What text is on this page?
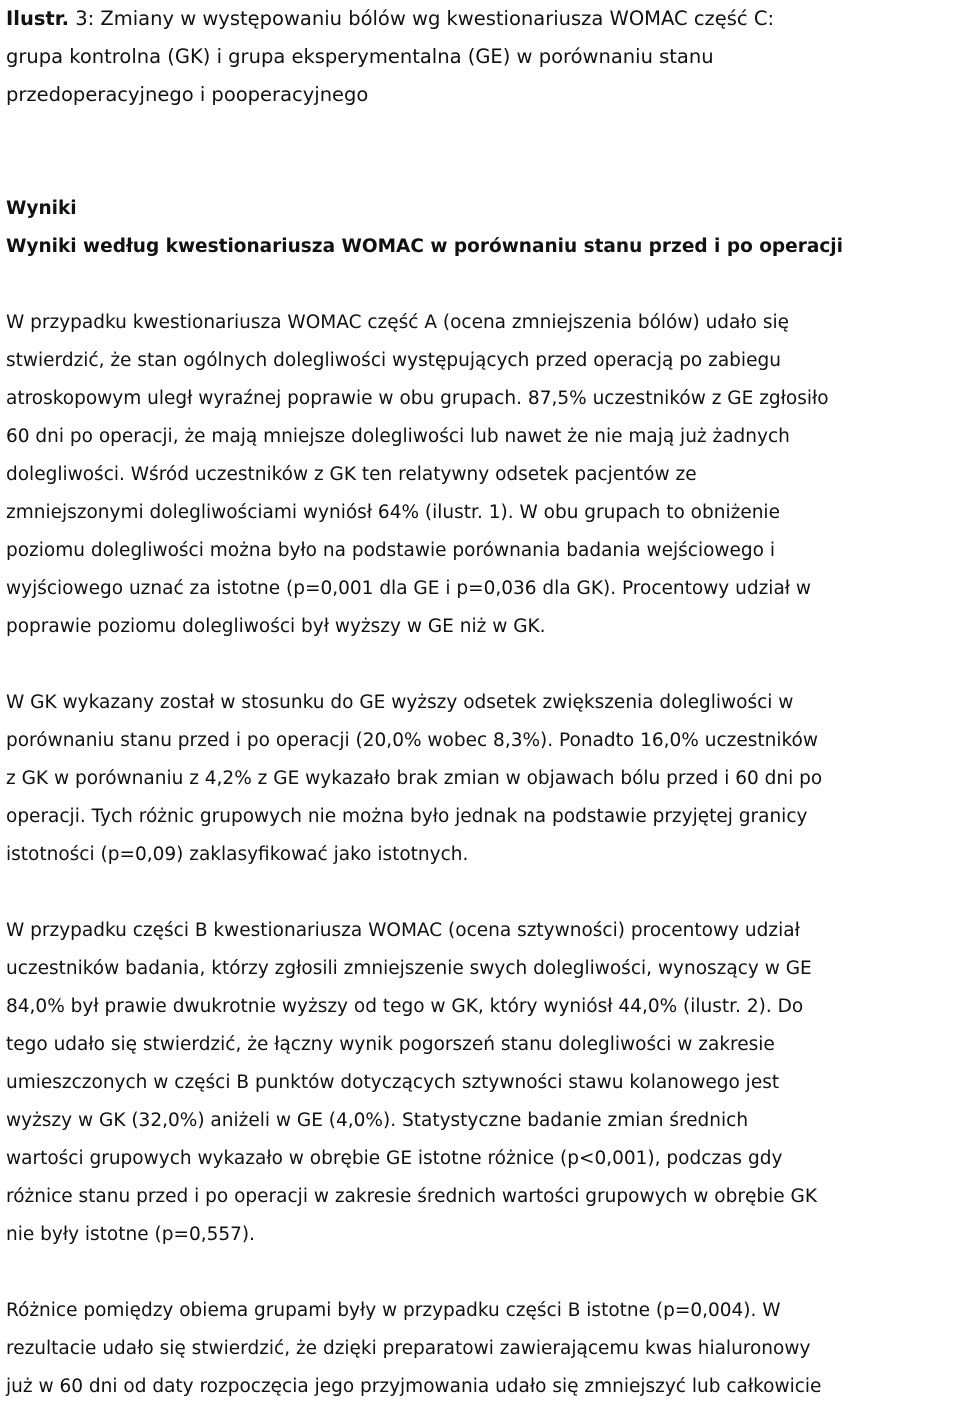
Ilustr. 3: Zmiany w występowaniu bólów wg kwestionariusza WOMAC część C:
grupa kontrolna (GK) i grupa eksperymentalna (GE) w porównaniu stanu
przedoperacyjnego i pooperacyjnego
Wyniki
Wyniki według kwestionariusza WOMAC w porównaniu stanu przed i po operacji
W przypadku kwestionariusza WOMAC część A (ocena zmniejszenia bólów) udało się
stwierdzić, że stan ogólnych dolegliwości występujących przed operacją po zabiegu
atroskopowym uległ wyraźnej poprawie w obu grupach. 87,5% uczestników z GE zgłosiło
60 dni po operacji, że mają mniejsze dolegliwości lub nawet że nie mają już żadnych
dolegliwości. Wśród uczestników z GK ten relatywny odsetek pacjentów ze
zmniejszonymi dolegliwościami wyniósł 64% (ilustr. 1). W obu grupach to obniżenie
poziomu dolegliwości można było na podstawie porównania badania wejściowego i
wyjściowego uznać za istotne (p=0,001 dla GE i p=0,036 dla GK). Procentowy udział w
poprawie poziomu dolegliwości był wyższy w GE niż w GK.
W GK wykazany został w stosunku do GE wyższy odsetek zwiększenia dolegliwości w
porównaniu stanu przed i po operacji (20,0% wobec 8,3%). Ponadto 16,0% uczestników
z GK w porównaniu z 4,2% z GE wykazało brak zmian w objawach bólu przed i 60 dni po
operacji. Tych różnic grupowych nie można było jednak na podstawie przyjętej granicy
istotności (p=0,09) zaklasyfikować jako istotnych.
W przypadku części B kwestionariusza WOMAC (ocena sztywności) procentowy udział
uczestników badania, którzy zgłosili zmniejszenie swych dolegliwości, wynoszący w GE
84,0% był prawie dwukrotnie wyższy od tego w GK, który wyniósł 44,0% (ilustr. 2). Do
tego udało się stwierdzić, że łączny wynik pogorszeń stanu dolegliwości w zakresie
umieszczonych w części B punktów dotyczących sztywności stawu kolanowego jest
wyższy w GK (32,0%) aniżeli w GE (4,0%). Statystyczne badanie zmian średnich
wartości grupowych wykazało w obrębie GE istotne różnice (p<0,001), podczas gdy
różnice stanu przed i po operacji w zakresie średnich wartości grupowych w obrębie GK
nie były istotne (p=0,557).
Różnice pomiędzy obiema grupami były w przypadku części B istotne (p=0,004). W
rezultacie udało się stwierdzić, że dzięki preparatowi zawierającemu kwas hialuronowy
już w 60 dni od daty rozpoczęcia jego przyjmowania udało się zmniejszyć lub całkowicie
